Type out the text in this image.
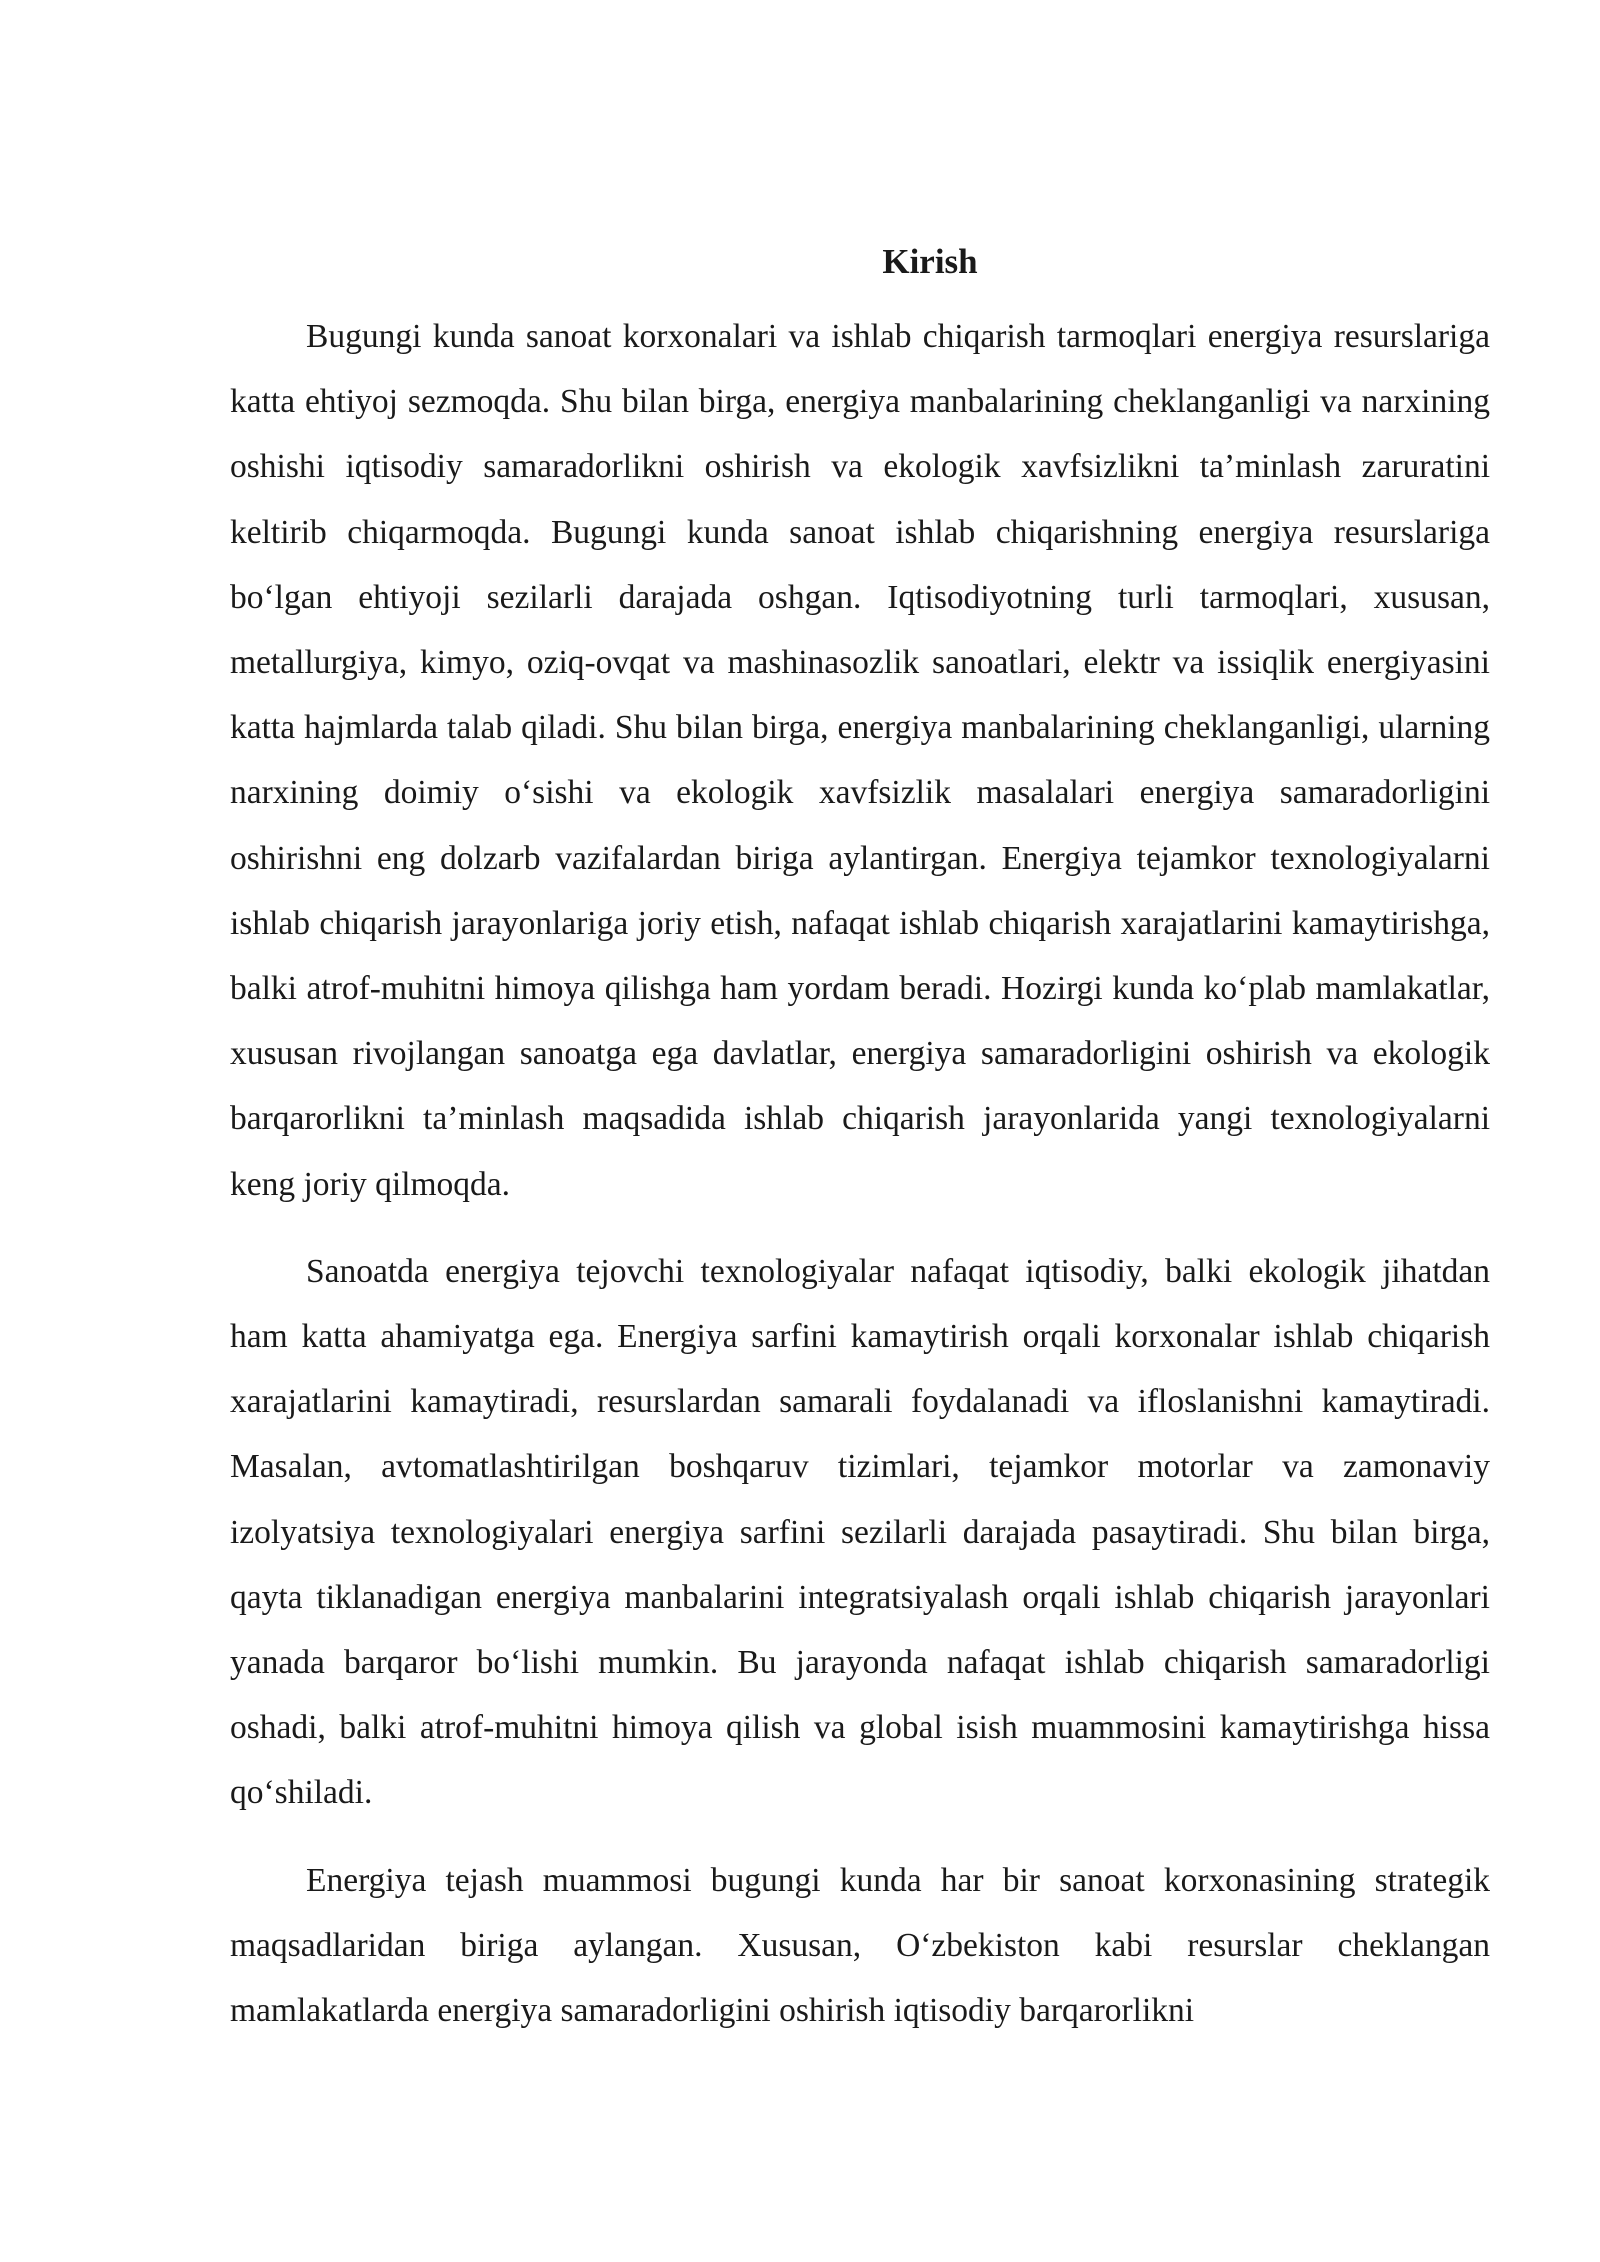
Kirish

Bugungi kunda sanoat korxonalari va ishlab chiqarish tarmoqlari energiya resurslariga katta ehtiyoj sezmoqda. Shu bilan birga, energiya manbalarining cheklanganligi va narxining oshishi iqtisodiy samaradorlikni oshirish va ekologik xavfsizlikni ta’minlash zaruratini keltirib chiqarmoqda. Bugungi kunda sanoat ishlab chiqarishning energiya resurslariga bo‘lgan ehtiyoji sezilarli darajada oshgan. Iqtisodiyotning turli tarmoqlari, xususan, metallurgiya, kimyo, oziq-ovqat va mashinasozlik sanoatlari, elektr va issiqlik energiyasini katta hajmlarda talab qiladi. Shu bilan birga, energiya manbalarining cheklanganligi, ularning narxining doimiy o‘sishi va ekologik xavfsizlik masalalari energiya samaradorligini oshirishni eng dolzarb vazifalardan biriga aylantirgan. Energiya tejamkor texnologiyalarni ishlab chiqarish jarayonlariga joriy etish, nafaqat ishlab chiqarish xarajatlarini kamaytirishga, balki atrof-muhitni himoya qilishga ham yordam beradi. Hozirgi kunda ko‘plab mamlakatlar, xususan rivojlangan sanoatga ega davlatlar, energiya samaradorligini oshirish va ekologik barqarorlikni ta’minlash maqsadida ishlab chiqarish jarayonlarida yangi texnologiyalarni keng joriy qilmoqda.

Sanoatda energiya tejovchi texnologiyalar nafaqat iqtisodiy, balki ekologik jihatdan ham katta ahamiyatga ega. Energiya sarfini kamaytirish orqali korxonalar ishlab chiqarish xarajatlarini kamaytiradi, resurslardan samarali foydalanadi va ifloslanishni kamaytiradi. Masalan, avtomatlashtirilgan boshqaruv tizimlari, tejamkor motorlar va zamonaviy izolyatsiya texnologiyalari energiya sarfini sezilarli darajada pasaytiradi. Shu bilan birga, qayta tiklanadigan energiya manbalarini integratsiyalash orqali ishlab chiqarish jarayonlari yanada barqaror bo‘lishi mumkin. Bu jarayonda nafaqat ishlab chiqarish samaradorligi oshadi, balki atrof-muhitni himoya qilish va global isish muammosini kamaytirishga hissa qo‘shiladi.

Energiya tejash muammosi bugungi kunda har bir sanoat korxonasining strategik maqsadlaridan biriga aylangan. Xususan, O‘zbekiston kabi resurslar cheklangan mamlakatlarda energiya samaradorligini oshirish iqtisodiy barqarorlikni
